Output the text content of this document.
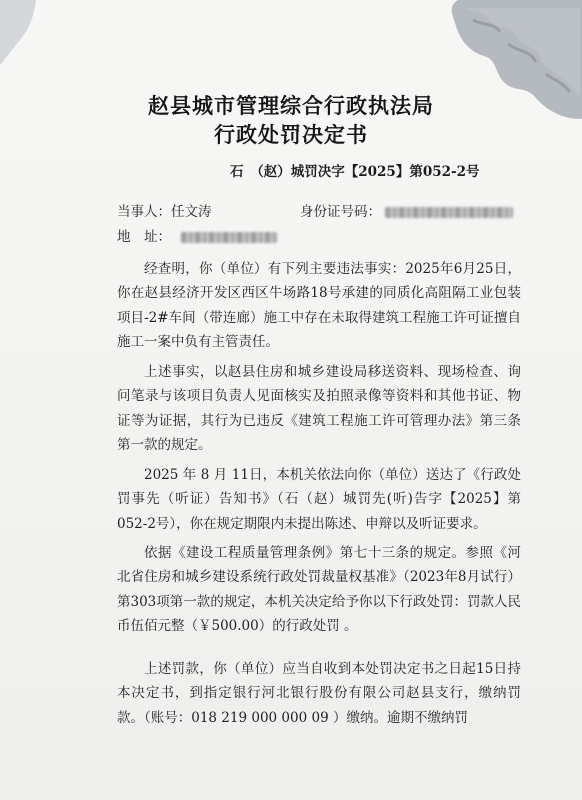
赵县城市管理综合行政执法局
行政处罚决定书
石　（赵）城罚决字【2025】第052-2号
当事人：任文涛	身份证号码：
地　址：

经查明，你（单位）有下列主要违法事实：2025年6月25日，你在赵县经济开发区西区牛场路18号承建的同质化高阻隔工业包装项目-2#车间（带连廊）施工中存在未取得建筑工程施工许可证擅自施工一案中负有主管责任。

上述事实，以赵县住房和城乡建设局移送资料、现场检查、询问笔录与该项目负责人见面核实及拍照录像等资料和其他书证、物证等为证据，其行为已违反《建筑工程施工许可管理办法》第三条第一款的规定。

2025 年 8 月 11日，本机关依法向你（单位）送达了《行政处罚事先（听证）告知书》（石（赵）城罚先(听)告字【2025】第052-2号），你在规定期限内未提出陈述、申辩以及听证要求。

依据《建设工程质量管理条例》第七十三条的规定。参照《河北省住房和城乡建设系统行政处罚裁量权基准》（2023年8月试行）第303项第一款的规定，本机关决定给予你以下行政处罚：罚款人民币伍佰元整（￥500.00）的行政处罚 。

上述罚款，你（单位）应当自收到本处罚决定书之日起15日持本决定书，到指定银行河北银行股份有限公司赵县支行，缴纳罚款。（账号：018 219 000 000 09 ）缴纳。逾期不缴纳罚
